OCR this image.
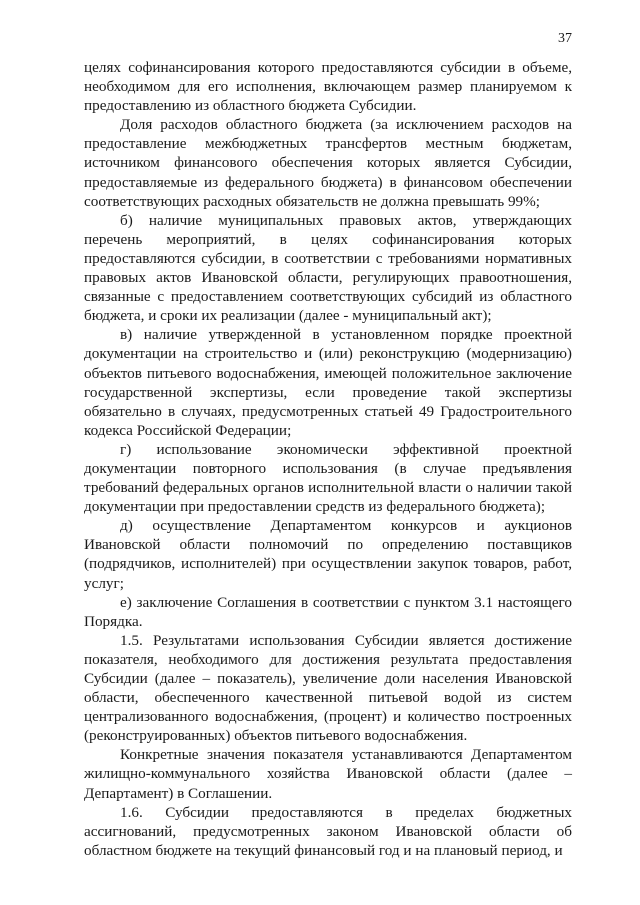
37

целях софинансирования которого предоставляются субсидии в объеме, необходимом для его исполнения, включающем размер планируемом к предоставлению из областного бюджета Субсидии.

Доля расходов областного бюджета (за исключением расходов на предоставление межбюджетных трансфертов местным бюджетам, источником финансового обеспечения которых является Субсидии, предоставляемые из федерального бюджета) в финансовом обеспечении соответствующих расходных обязательств не должна превышать 99%;

б) наличие муниципальных правовых актов, утверждающих перечень мероприятий, в целях софинансирования которых предоставляются субсидии, в соответствии с требованиями нормативных правовых актов Ивановской области, регулирующих правоотношения, связанные с предоставлением соответствующих субсидий из областного бюджета, и сроки их реализации (далее - муниципальный акт);

в) наличие утвержденной в установленном порядке проектной документации на строительство и (или) реконструкцию (модернизацию) объектов питьевого водоснабжения, имеющей положительное заключение государственной экспертизы, если проведение такой экспертизы обязательно в случаях, предусмотренных статьей 49 Градостроительного кодекса Российской Федерации;

г) использование экономически эффективной проектной документации повторного использования (в случае предъявления требований федеральных органов исполнительной власти о наличии такой документации при предоставлении средств из федерального бюджета);

д) осуществление Департаментом конкурсов и аукционов Ивановской области полномочий по определению поставщиков (подрядчиков, исполнителей) при осуществлении закупок товаров, работ, услуг;

е) заключение Соглашения в соответствии с пунктом 3.1 настоящего Порядка.

1.5. Результатами использования Субсидии является достижение показателя, необходимого для достижения результата предоставления Субсидии (далее – показатель), увеличение доли населения Ивановской области, обеспеченного качественной питьевой водой из систем централизованного водоснабжения, (процент) и количество построенных (реконструированных) объектов питьевого водоснабжения.

Конкретные значения показателя устанавливаются Департаментом жилищно-коммунального хозяйства Ивановской области (далее – Департамент) в Соглашении.

1.6. Субсидии предоставляются в пределах бюджетных ассигнований, предусмотренных законом Ивановской области об областном бюджете на текущий финансовый год и на плановый период, и
